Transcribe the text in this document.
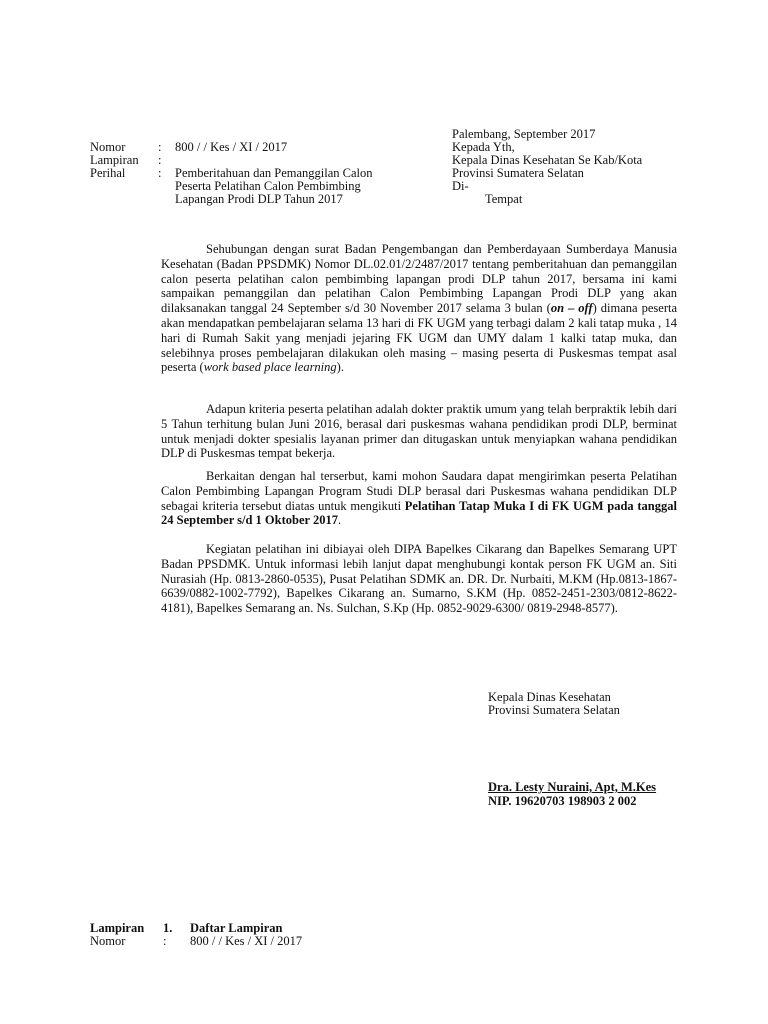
Palembang, September 2017
Kepada Yth,
Kepala Dinas Kesehatan Se Kab/Kota
Provinsi Sumatera Selatan
Di-
Tempat
Nomor	: 800 / / Kes / XI / 2017
Lampiran :
Perihal	: Pemberitahuan dan Pemanggilan Calon
Peserta Pelatihan Calon Pembimbing
Lapangan Prodi DLP Tahun 2017

Sehubungan dengan surat Badan Pengembangan dan Pemberdayaan Sumberdaya Manusia Kesehatan (Badan PPSDMK) Nomor DL.02.01/2/2487/2017 tentang pemberitahuan dan pemanggilan calon peserta pelatihan calon pembimbing lapangan prodi DLP tahun 2017, bersama ini kami sampaikan pemanggilan dan pelatihan Calon Pembimbing Lapangan Prodi DLP yang akan dilaksanakan tanggal 24 September s/d 30 November 2017 selama 3 bulan (on – off) dimana peserta akan mendapatkan pembelajaran selama 13 hari di FK UGM yang terbagi dalam 2 kali tatap muka , 14 hari di Rumah Sakit yang menjadi jejaring FK UGM dan UMY dalam 1 kalki tatap muka, dan selebihnya proses pembelajaran dilakukan oleh masing – masing peserta di Puskesmas tempat asal peserta (work based place learning).

Adapun kriteria peserta pelatihan adalah dokter praktik umum yang telah berpraktik lebih dari 5 Tahun terhitung bulan Juni 2016, berasal dari puskesmas wahana pendidikan prodi DLP, berminat untuk menjadi dokter spesialis layanan primer dan ditugaskan untuk menyiapkan wahana pendidikan DLP di Puskesmas tempat bekerja.

Berkaitan dengan hal terserbut, kami mohon Saudara dapat mengirimkan peserta Pelatihan Calon Pembimbing Lapangan Program Studi DLP berasal dari Puskesmas wahana pendidikan DLP sebagai kriteria tersebut diatas untuk mengikuti Pelatihan Tatap Muka I di FK UGM pada tanggal 24 September s/d 1 Oktober 2017.

Kegiatan pelatihan ini dibiayai oleh DIPA Bapelkes Cikarang dan Bapelkes Semarang UPT Badan PPSDMK. Untuk informasi lebih lanjut dapat menghubungi kontak person FK UGM an. Siti Nurasiah (Hp. 0813-2860-0535), Pusat Pelatihan SDMK an. DR. Dr. Nurbaiti, M.KM (Hp.0813-1867-6639/0882-1002-7792), Bapelkes Cikarang an. Sumarno, S.KM (Hp. 0852-2451-2303/0812-8622-4181), Bapelkes Semarang an. Ns. Sulchan, S.Kp (Hp. 0852-9029-6300/ 0819-2948-8577).

Kepala Dinas Kesehatan
Provinsi Sumatera Selatan
Dra. Lesty Nuraini, Apt, M.Kes
NIP. 19620703 198903 2 002
Lampiran 1. Daftar Lampiran
Nomor	: 800 / / Kes / XI / 2017
